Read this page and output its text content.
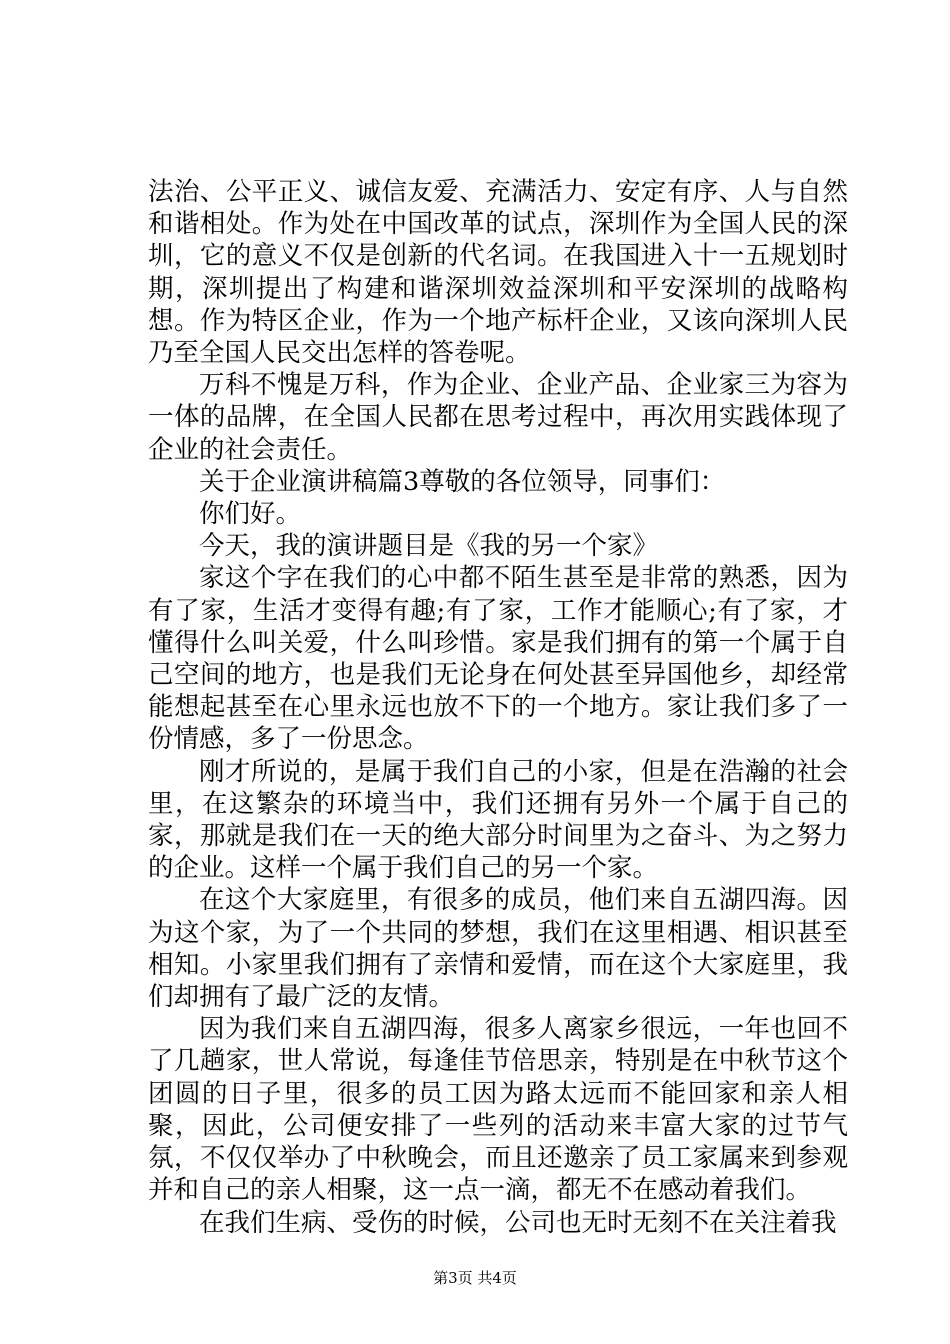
法治、公平正义、诚信友爱、充满活力、安定有序、人与自然和谐相处。作为处在中国改革的试点，深圳作为全国人民的深圳，它的意义不仅是创新的代名词。在我国进入十一五规划时期，深圳提出了构建和谐深圳效益深圳和平安深圳的战略构想。作为特区企业，作为一个地产标杆企业，又该向深圳人民乃至全国人民交出怎样的答卷呢。

万科不愧是万科，作为企业、企业产品、企业家三为容为一体的品牌，在全国人民都在思考过程中，再次用实践体现了企业的社会责任。

关于企业演讲稿篇3尊敬的各位领导，同事们：

你们好。

今天，我的演讲题目是《我的另一个家》

家这个字在我们的心中都不陌生甚至是非常的熟悉，因为有了家，生活才变得有趣;有了家，工作才能顺心;有了家，才懂得什么叫关爱，什么叫珍惜。家是我们拥有的第一个属于自己空间的地方，也是我们无论身在何处甚至异国他乡，却经常能想起甚至在心里永远也放不下的一个地方。家让我们多了一份情感，多了一份思念。

刚才所说的，是属于我们自己的小家，但是在浩瀚的社会里，在这繁杂的环境当中，我们还拥有另外一个属于自己的家，那就是我们在一天的绝大部分时间里为之奋斗、为之努力的企业。这样一个属于我们自己的另一个家。

在这个大家庭里，有很多的成员，他们来自五湖四海。因为这个家，为了一个共同的梦想，我们在这里相遇、相识甚至相知。小家里我们拥有了亲情和爱情，而在这个大家庭里，我们却拥有了最广泛的友情。

因为我们来自五湖四海，很多人离家乡很远，一年也回不了几趟家，世人常说，每逢佳节倍思亲，特别是在中秋节这个团圆的日子里，很多的员工因为路太远而不能回家和亲人相聚，因此，公司便安排了一些列的活动来丰富大家的过节气氛，不仅仅举办了中秋晚会，而且还邀亲了员工家属来到参观并和自己的亲人相聚，这一点一滴，都无不在感动着我们。

在我们生病、受伤的时候，公司也无时无刻不在关注着我

第3页 共4页
